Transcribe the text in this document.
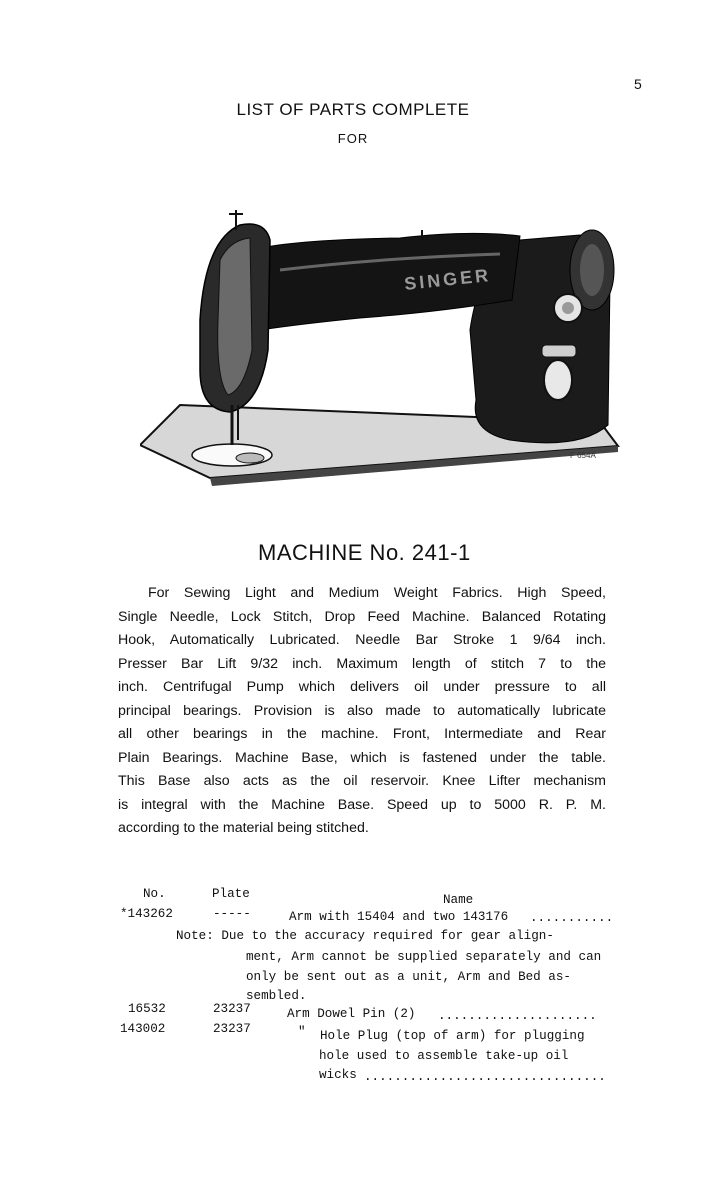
5
LIST OF PARTS COMPLETE
FOR
SINGER
F 654A
MACHINE No. 241-1
For Sewing Light and Medium Weight Fabrics. High Speed,
Single Needle, Lock Stitch, Drop Feed Machine. Balanced Rotating
Hook, Automatically Lubricated. Needle Bar Stroke 1 9/64 inch.
Presser Bar Lift 9/32 inch. Maximum length of stitch 7 to the
inch. Centrifugal Pump which delivers oil under pressure to all
principal bearings. Provision is also made to automatically lubricate
all other bearings in the machine. Front, Intermediate and Rear
Plain Bearings. Machine Base, which is fastened under the table.
This Base also acts as the oil reservoir. Knee Lifter mechanism
is integral with the Machine Base. Speed up to 5000 R. P. M.
according to the material being stitched.
No.	Plate	Name
*143262	-----	Arm with 15404 and two 143176 ...........
Note: Due to the accuracy required for gear align-
ment, Arm cannot be supplied separately and can
only be sent out as a unit, Arm and Bed as-
sembled.
16532	23237	Arm Dowel Pin (2) .....................
143002	23237	" Hole Plug (top of arm) for plugging
hole used to assemble take-up oil
wicks ................................
